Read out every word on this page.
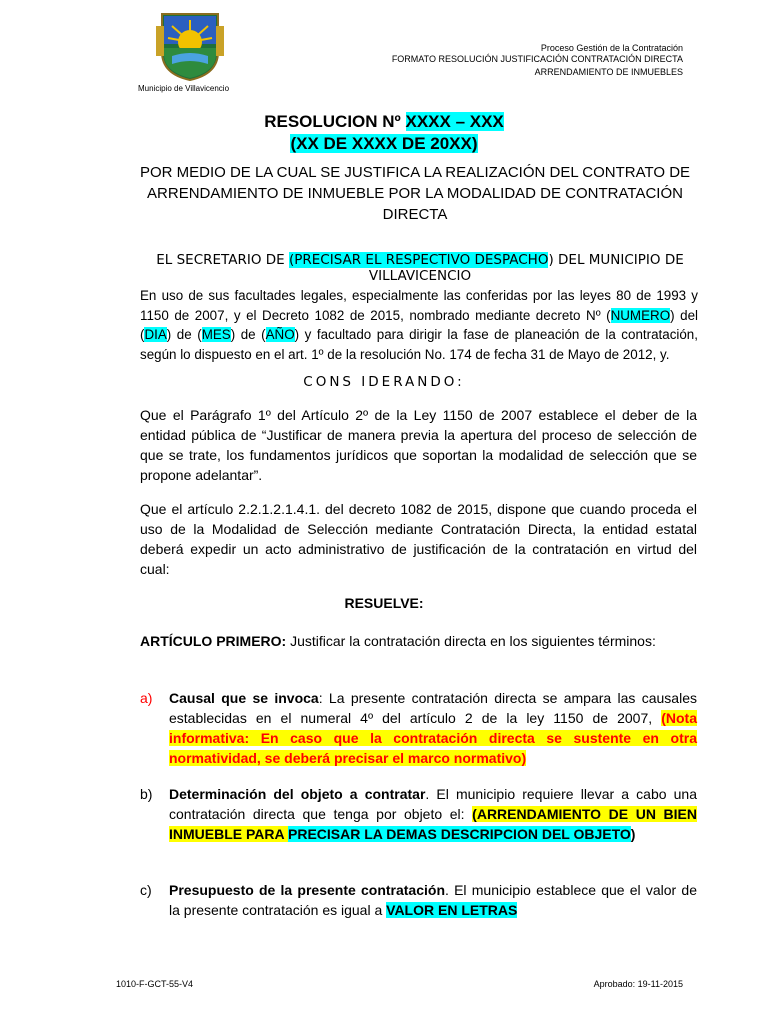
Municipio de Villavicencio
Proceso Gestión de la Contratación
FORMATO RESOLUCIÓN JUSTIFICACIÓN CONTRATACIÓN DIRECTA
ARRENDAMIENTO DE INMUEBLES
RESOLUCION Nº XXXX – XXX
(XX DE XXXX DE 20XX)
POR MEDIO DE LA CUAL SE JUSTIFICA LA REALIZACIÓN DEL CONTRATO DE ARRENDAMIENTO DE INMUEBLE POR LA MODALIDAD DE CONTRATACIÓN DIRECTA
EL SECRETARIO DE (PRECISAR EL RESPECTIVO DESPACHO) DEL MUNICIPIO DE VILLAVICENCIO
En uso de sus facultades legales, especialmente las conferidas por las leyes 80 de 1993 y 1150 de 2007, y el Decreto 1082 de 2015, nombrado mediante decreto Nº (NUMERO) del (DIA) de (MES) de (AÑO) y facultado para dirigir la fase de planeación de la contratación, según lo dispuesto en el art. 1º de la resolución No. 174 de fecha 31 de Mayo de 2012, y.
CONS IDERANDO:
Que el Parágrafo 1º del Artículo 2º de la Ley 1150 de 2007 establece el deber de la entidad pública de “Justificar de manera previa la apertura del proceso de selección de que se trate, los fundamentos jurídicos que soportan la modalidad de selección que se propone adelantar”.
Que el artículo 2.2.1.2.1.4.1. del decreto 1082 de 2015, dispone que cuando proceda el uso de la Modalidad de Selección mediante Contratación Directa, la entidad estatal deberá expedir un acto administrativo de justificación de la contratación en virtud del cual:
RESUELVE:
ARTÍCULO PRIMERO: Justificar la contratación directa en los siguientes términos:
a) Causal que se invoca: La presente contratación directa se ampara las causales establecidas en el numeral 4º del artículo 2 de la ley 1150 de 2007, (Nota informativa: En caso que la contratación directa se sustente en otra normatividad, se deberá precisar el marco normativo)
b) Determinación del objeto a contratar. El municipio requiere llevar a cabo una contratación directa que tenga por objeto el: (ARRENDAMIENTO DE UN BIEN INMUEBLE PARA PRECISAR LA DEMAS DESCRIPCION DEL OBJETO)
c) Presupuesto de la presente contratación. El municipio establece que el valor de la presente contratación es igual a VALOR EN LETRAS
1010-F-GCT-55-V4	Aprobado: 19-11-2015
